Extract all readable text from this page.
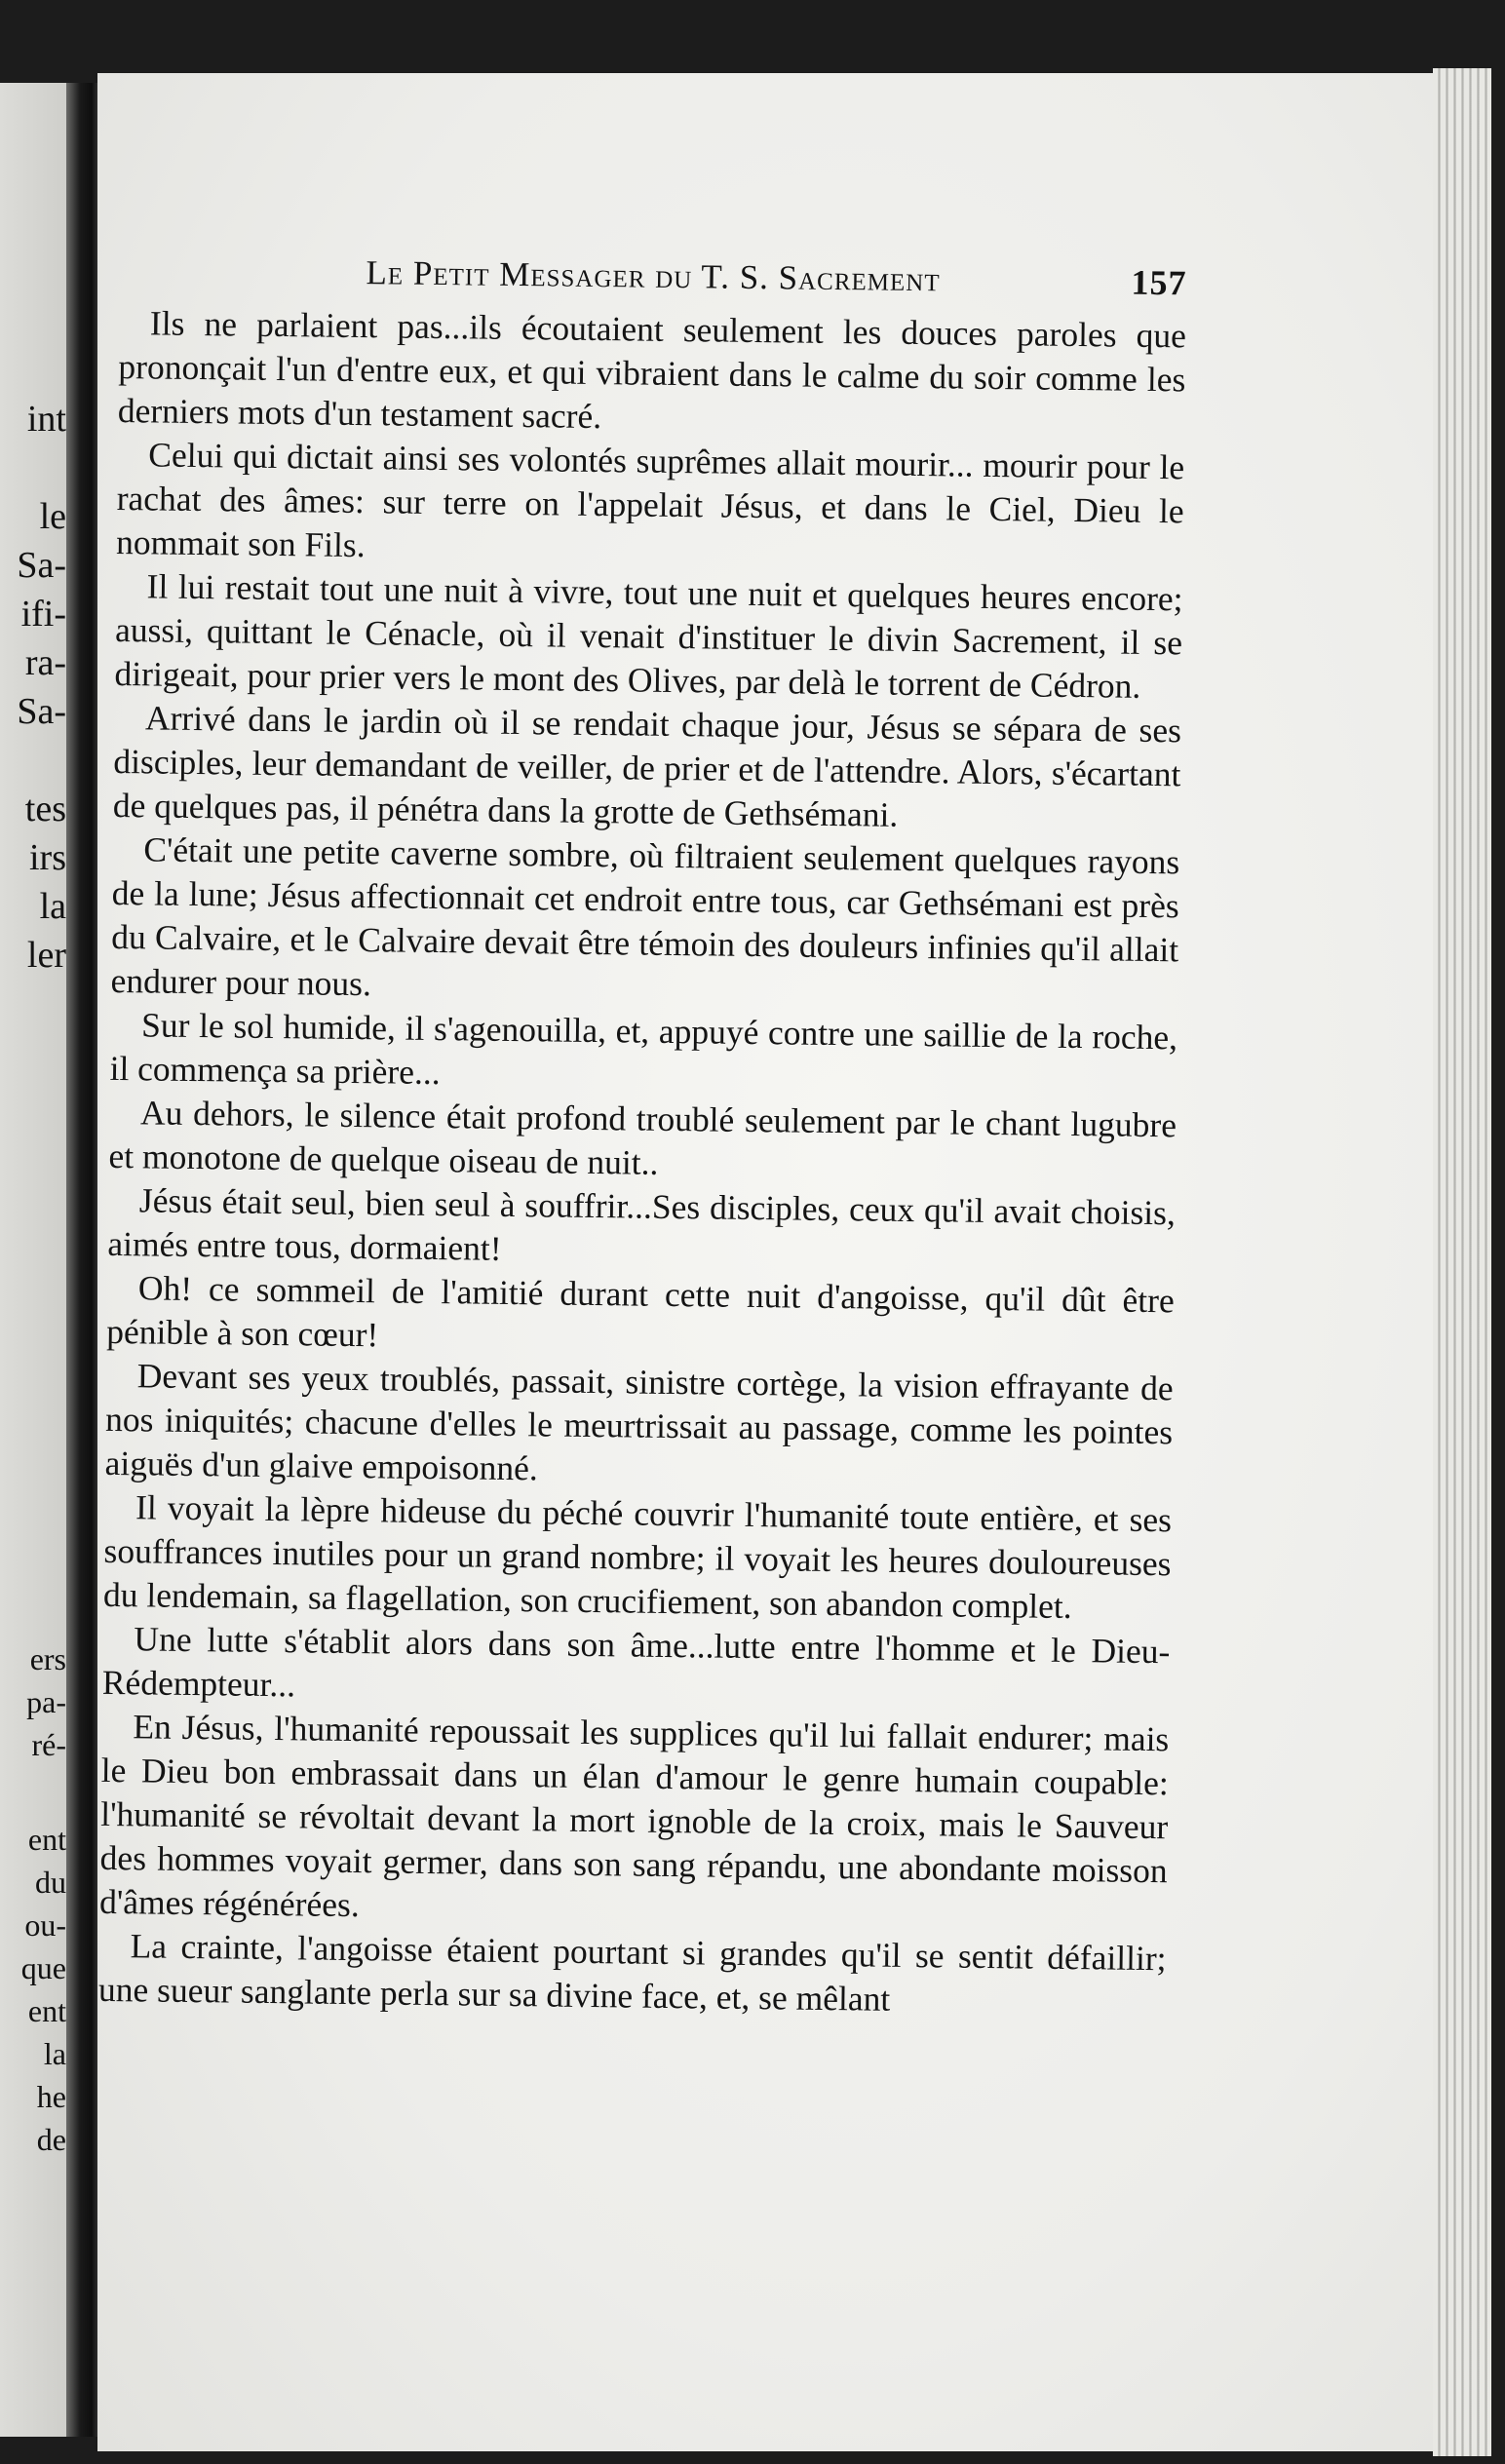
int

le
Sa-
ifi-
ra-
Sa-

tes
irs
la
ler
ers
pa-
ré-
ent
du
ou-
que
ent
la
he
de
Le Petit Messager du T. S. Sacrement	157

Ils ne parlaient pas...ils écoutaient seulement les douces paroles que prononçait l'un d'entre eux, et qui vibraient dans le calme du soir comme les derniers mots d'un testament sacré.

Celui qui dictait ainsi ses volontés suprêmes allait mourir... mourir pour le rachat des âmes: sur terre on l'appelait Jésus, et dans le Ciel, Dieu le nommait son Fils.

Il lui restait tout une nuit à vivre, tout une nuit et quelques heures encore; aussi, quittant le Cénacle, où il venait d'instituer le divin Sacrement, il se dirigeait, pour prier vers le mont des Olives, par delà le torrent de Cédron.

Arrivé dans le jardin où il se rendait chaque jour, Jésus se sépara de ses disciples, leur demandant de veiller, de prier et de l'attendre. Alors, s'écartant de quelques pas, il pénétra dans la grotte de Gethsémani.

C'était une petite caverne sombre, où filtraient seulement quelques rayons de la lune; Jésus affectionnait cet endroit entre tous, car Gethsémani est près du Calvaire, et le Calvaire devait être témoin des douleurs infinies qu'il allait endurer pour nous.

Sur le sol humide, il s'agenouilla, et, appuyé contre une saillie de la roche, il commença sa prière...

Au dehors, le silence était profond troublé seulement par le chant lugubre et monotone de quelque oiseau de nuit..

Jésus était seul, bien seul à souffrir...Ses disciples, ceux qu'il avait choisis, aimés entre tous, dormaient!

Oh! ce sommeil de l'amitié durant cette nuit d'angoisse, qu'il dût être pénible à son cœur!

Devant ses yeux troublés, passait, sinistre cortège, la vision effrayante de nos iniquités; chacune d'elles le meurtrissait au passage, comme les pointes aiguës d'un glaive empoisonné.

Il voyait la lèpre hideuse du péché couvrir l'humanité toute entière, et ses souffrances inutiles pour un grand nombre; il voyait les heures douloureuses du lendemain, sa flagellation, son crucifiement, son abandon complet.

Une lutte s'établit alors dans son âme...lutte entre l'homme et le Dieu-Rédempteur...

En Jésus, l'humanité repoussait les supplices qu'il lui fallait endurer; mais le Dieu bon embrassait dans un élan d'amour le genre humain coupable: l'humanité se révoltait devant la mort ignoble de la croix, mais le Sauveur des hommes voyait germer, dans son sang répandu, une abondante moisson d'âmes régénérées.

La crainte, l'angoisse étaient pourtant si grandes qu'il se sentit défaillir; une sueur sanglante perla sur sa divine face, et, se mêlant
